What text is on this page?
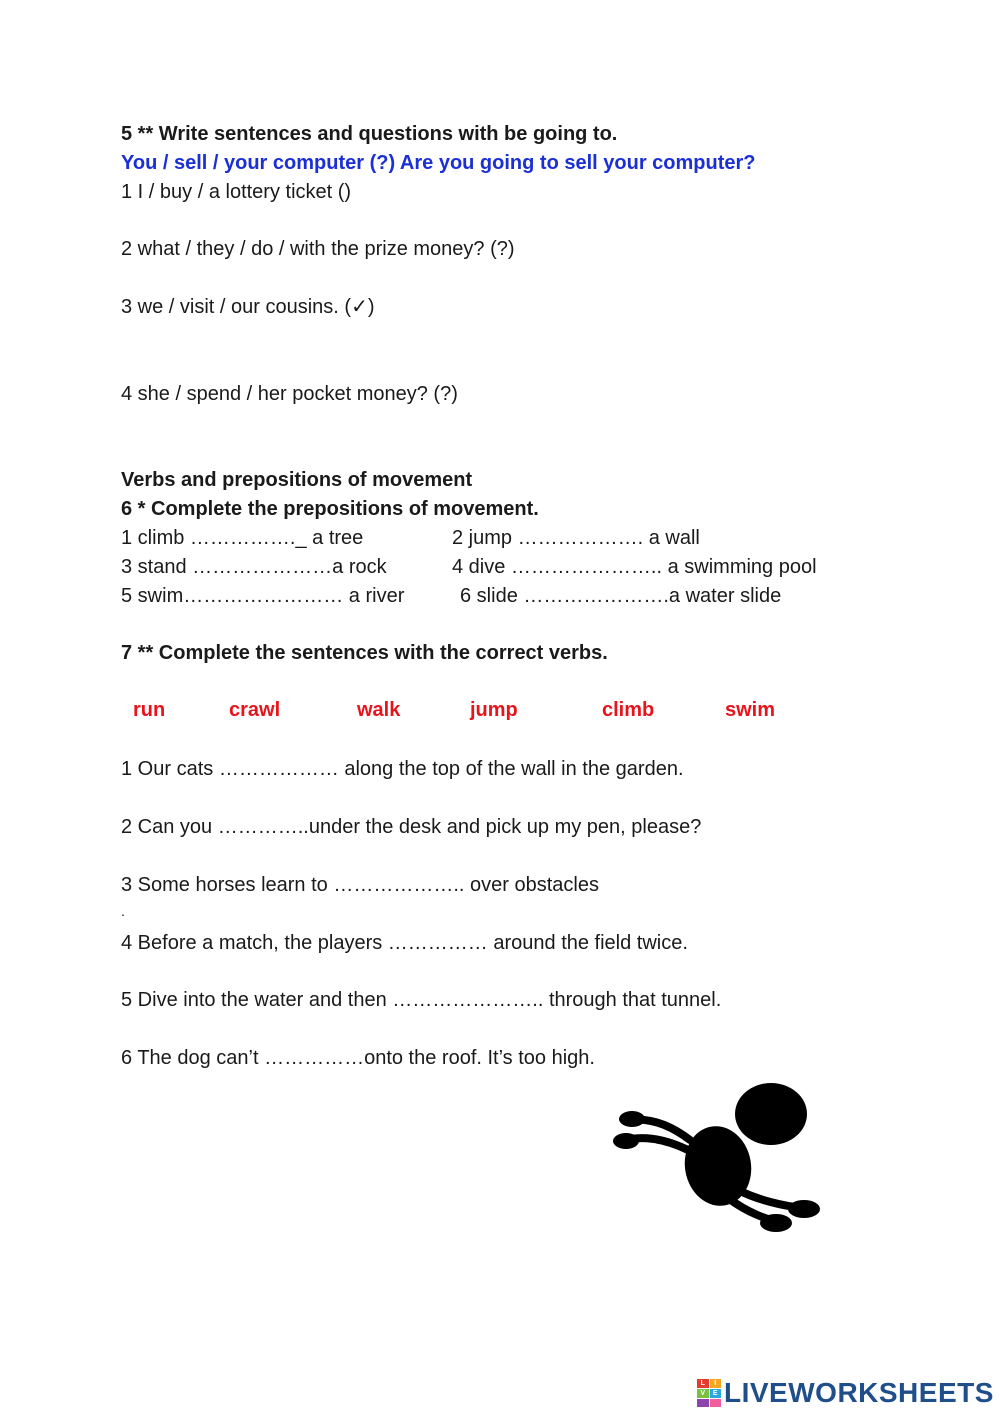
5 ** Write sentences and questions with be going to.
You / sell / your computer (?) Are you going to sell your computer?
1 I / buy / a lottery ticket ()
2 what / they / do / with the prize money? (?)
3 we / visit / our cousins. (✓)
4 she / spend / her pocket money? (?)
Verbs and prepositions of movement
6 * Complete the prepositions of movement.
1 climb ……………._ a tree	2 jump ………………. a wall
3 stand …………………a rock	4 dive ………………….. a swimming pool
5 swim…………………… a river	6 slide ………………….a water slide
7 ** Complete the sentences with the correct verbs.
run	crawl	walk	jump	climb	swim
1 Our cats ……………… along the top of the wall in the garden.
2 Can you …………..under the desk and pick up my pen, please?
3 Some horses learn to ……………….. over obstacles
.
4 Before a match, the players …………… around the field twice.
5 Dive into the water and then ………………….. through that tunnel.
6 The dog can’t ……………onto the roof. It’s too high.
L	I
V	E LIVEWORKSHEETS
